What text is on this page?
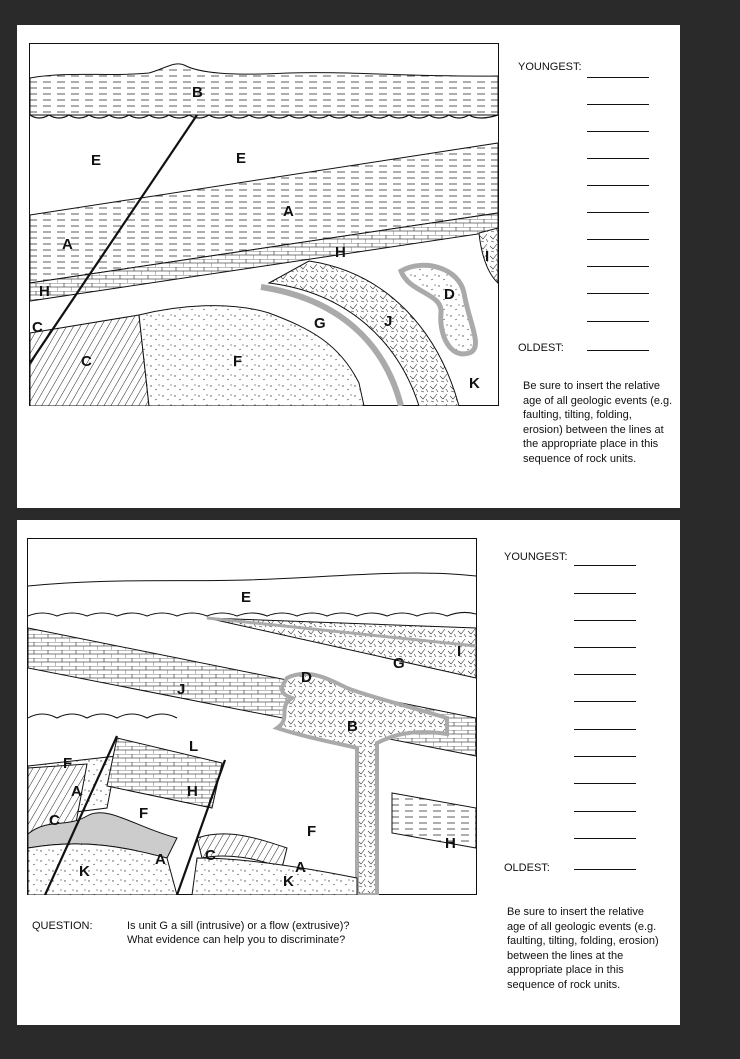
B
E	E
A
A	H
H
C
C	F
G	J
D
I
K
YOUNGEST:
OLDEST:
Be sure to insert the relative age of all geologic events (e.g. faulting, tilting, folding, erosion) between the lines at the appropriate place in this sequence of rock units.
E
I
G
D
J
B
L
F
A	H
C	F
A	C
F
A
H
K
K
YOUNGEST:
OLDEST:
Be sure to insert the relative age of all geologic events (e.g. faulting, tilting, folding, erosion) between the lines at the appropriate place in this sequence of rock units.
QUESTION:	Is unit G a sill (intrusive) or a flow (extrusive)?
What evidence can help you to discriminate?
